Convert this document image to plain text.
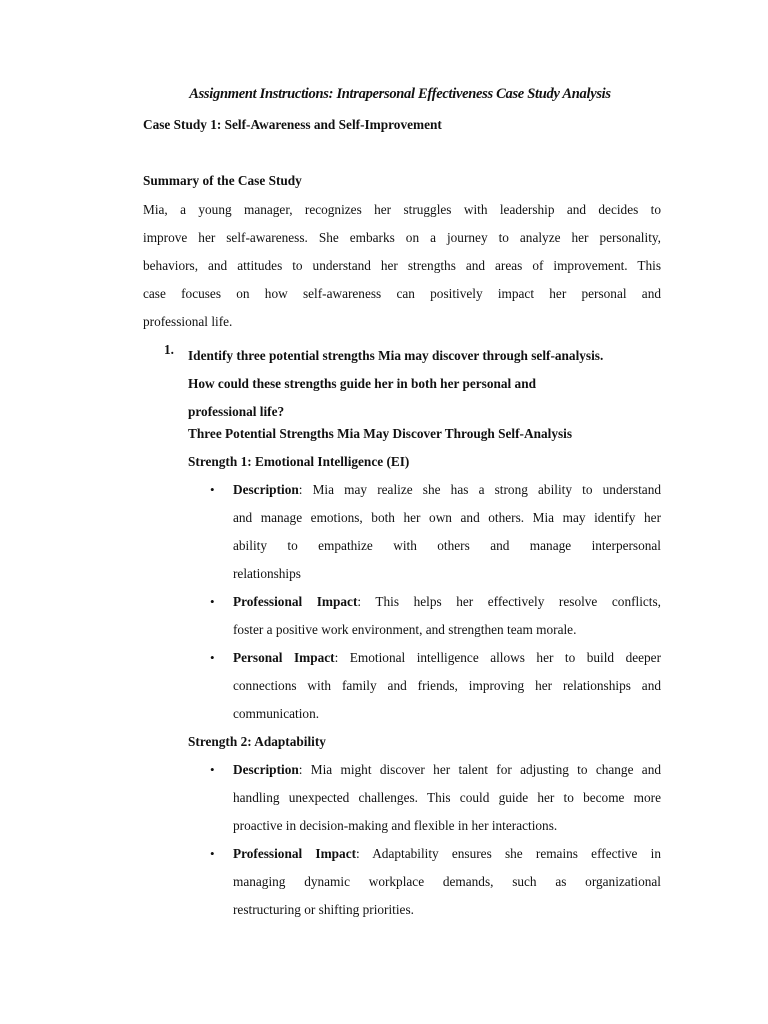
Assignment Instructions: Intrapersonal Effectiveness Case Study Analysis
Case Study 1: Self-Awareness and Self-Improvement
Summary of the Case Study
Mia, a young manager, recognizes her struggles with leadership and decides to
improve her self-awareness. She embarks on a journey to analyze her personality,
behaviors, and attitudes to understand her strengths and areas of improvement. This
case focuses on how self-awareness can positively impact her personal and
professional life.
1. Identify three potential strengths Mia may discover through self-analysis.
How could these strengths guide her in both her personal and
professional life?
Three Potential Strengths Mia May Discover Through Self-Analysis
Strength 1: Emotional Intelligence (EI)
• Description: Mia may realize she has a strong ability to understand
and manage emotions, both her own and others. Mia may identify her
ability to empathize with others and manage interpersonal
relationships
• Professional Impact: This helps her effectively resolve conflicts,
foster a positive work environment, and strengthen team morale.
• Personal Impact: Emotional intelligence allows her to build deeper
connections with family and friends, improving her relationships and
communication.
Strength 2: Adaptability
• Description: Mia might discover her talent for adjusting to change and
handling unexpected challenges. This could guide her to become more
proactive in decision-making and flexible in her interactions.
• Professional Impact: Adaptability ensures she remains effective in
managing dynamic workplace demands, such as organizational
restructuring or shifting priorities.
